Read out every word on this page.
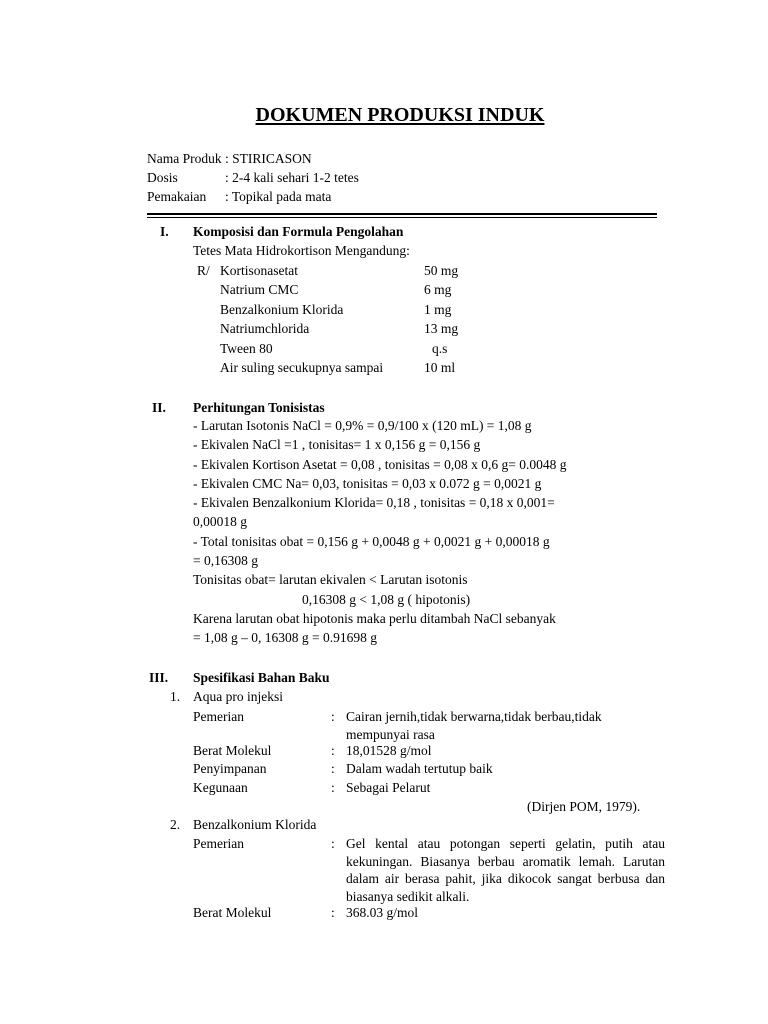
DOKUMEN PRODUKSI INDUK
Nama Produk : STIRICASON
Dosis	: 2-4 kali sehari 1-2 tetes
Pemakaian : Topikal pada mata
I. Komposisi dan Formula Pengolahan
Tetes Mata Hidrokortison Mengandung:
R/ Kortisonasetat	50 mg
Natrium CMC	6 mg
Benzalkonium Klorida	1 mg
Natriumchlorida	13 mg
Tween 80	q.s
Air suling secukupnya sampai	10 ml
II. Perhitungan Tonisistas
- Larutan Isotonis NaCl = 0,9% = 0,9/100 x (120 mL) = 1,08 g
- Ekivalen NaCl =1 , tonisitas= 1 x 0,156 g = 0,156 g
- Ekivalen Kortison Asetat = 0,08 , tonisitas = 0,08 x 0,6 g= 0.0048 g
- Ekivalen CMC Na= 0,03, tonisitas = 0,03 x 0.072 g = 0,0021 g
- Ekivalen Benzalkonium Klorida= 0,18 , tonisitas = 0,18 x 0,001=
0,00018 g
- Total tonisitas obat = 0,156 g + 0,0048 g + 0,0021 g + 0,00018 g
= 0,16308 g
Tonisitas obat= larutan ekivalen < Larutan isotonis
0,16308 g < 1,08 g ( hipotonis)
Karena larutan obat hipotonis maka perlu ditambah NaCl sebanyak
= 1,08 g – 0, 16308 g = 0.91698 g
III. Spesifikasi Bahan Baku
1. Aqua pro injeksi
Pemerian	: Cairan jernih,tidak berwarna,tidak berbau,tidak mempunyai rasa
Berat Molekul	: 18,01528 g/mol
Penyimpanan	: Dalam wadah tertutup baik
Kegunaan	: Sebagai Pelarut
(Dirjen POM, 1979).
2. Benzalkonium Klorida
Pemerian	: Gel kental atau potongan seperti gelatin, putih atau kekuningan. Biasanya berbau aromatik lemah. Larutan dalam air berasa pahit, jika dikocok sangat berbusa dan biasanya sedikit alkali.
Berat Molekul	: 368.03 g/mol
